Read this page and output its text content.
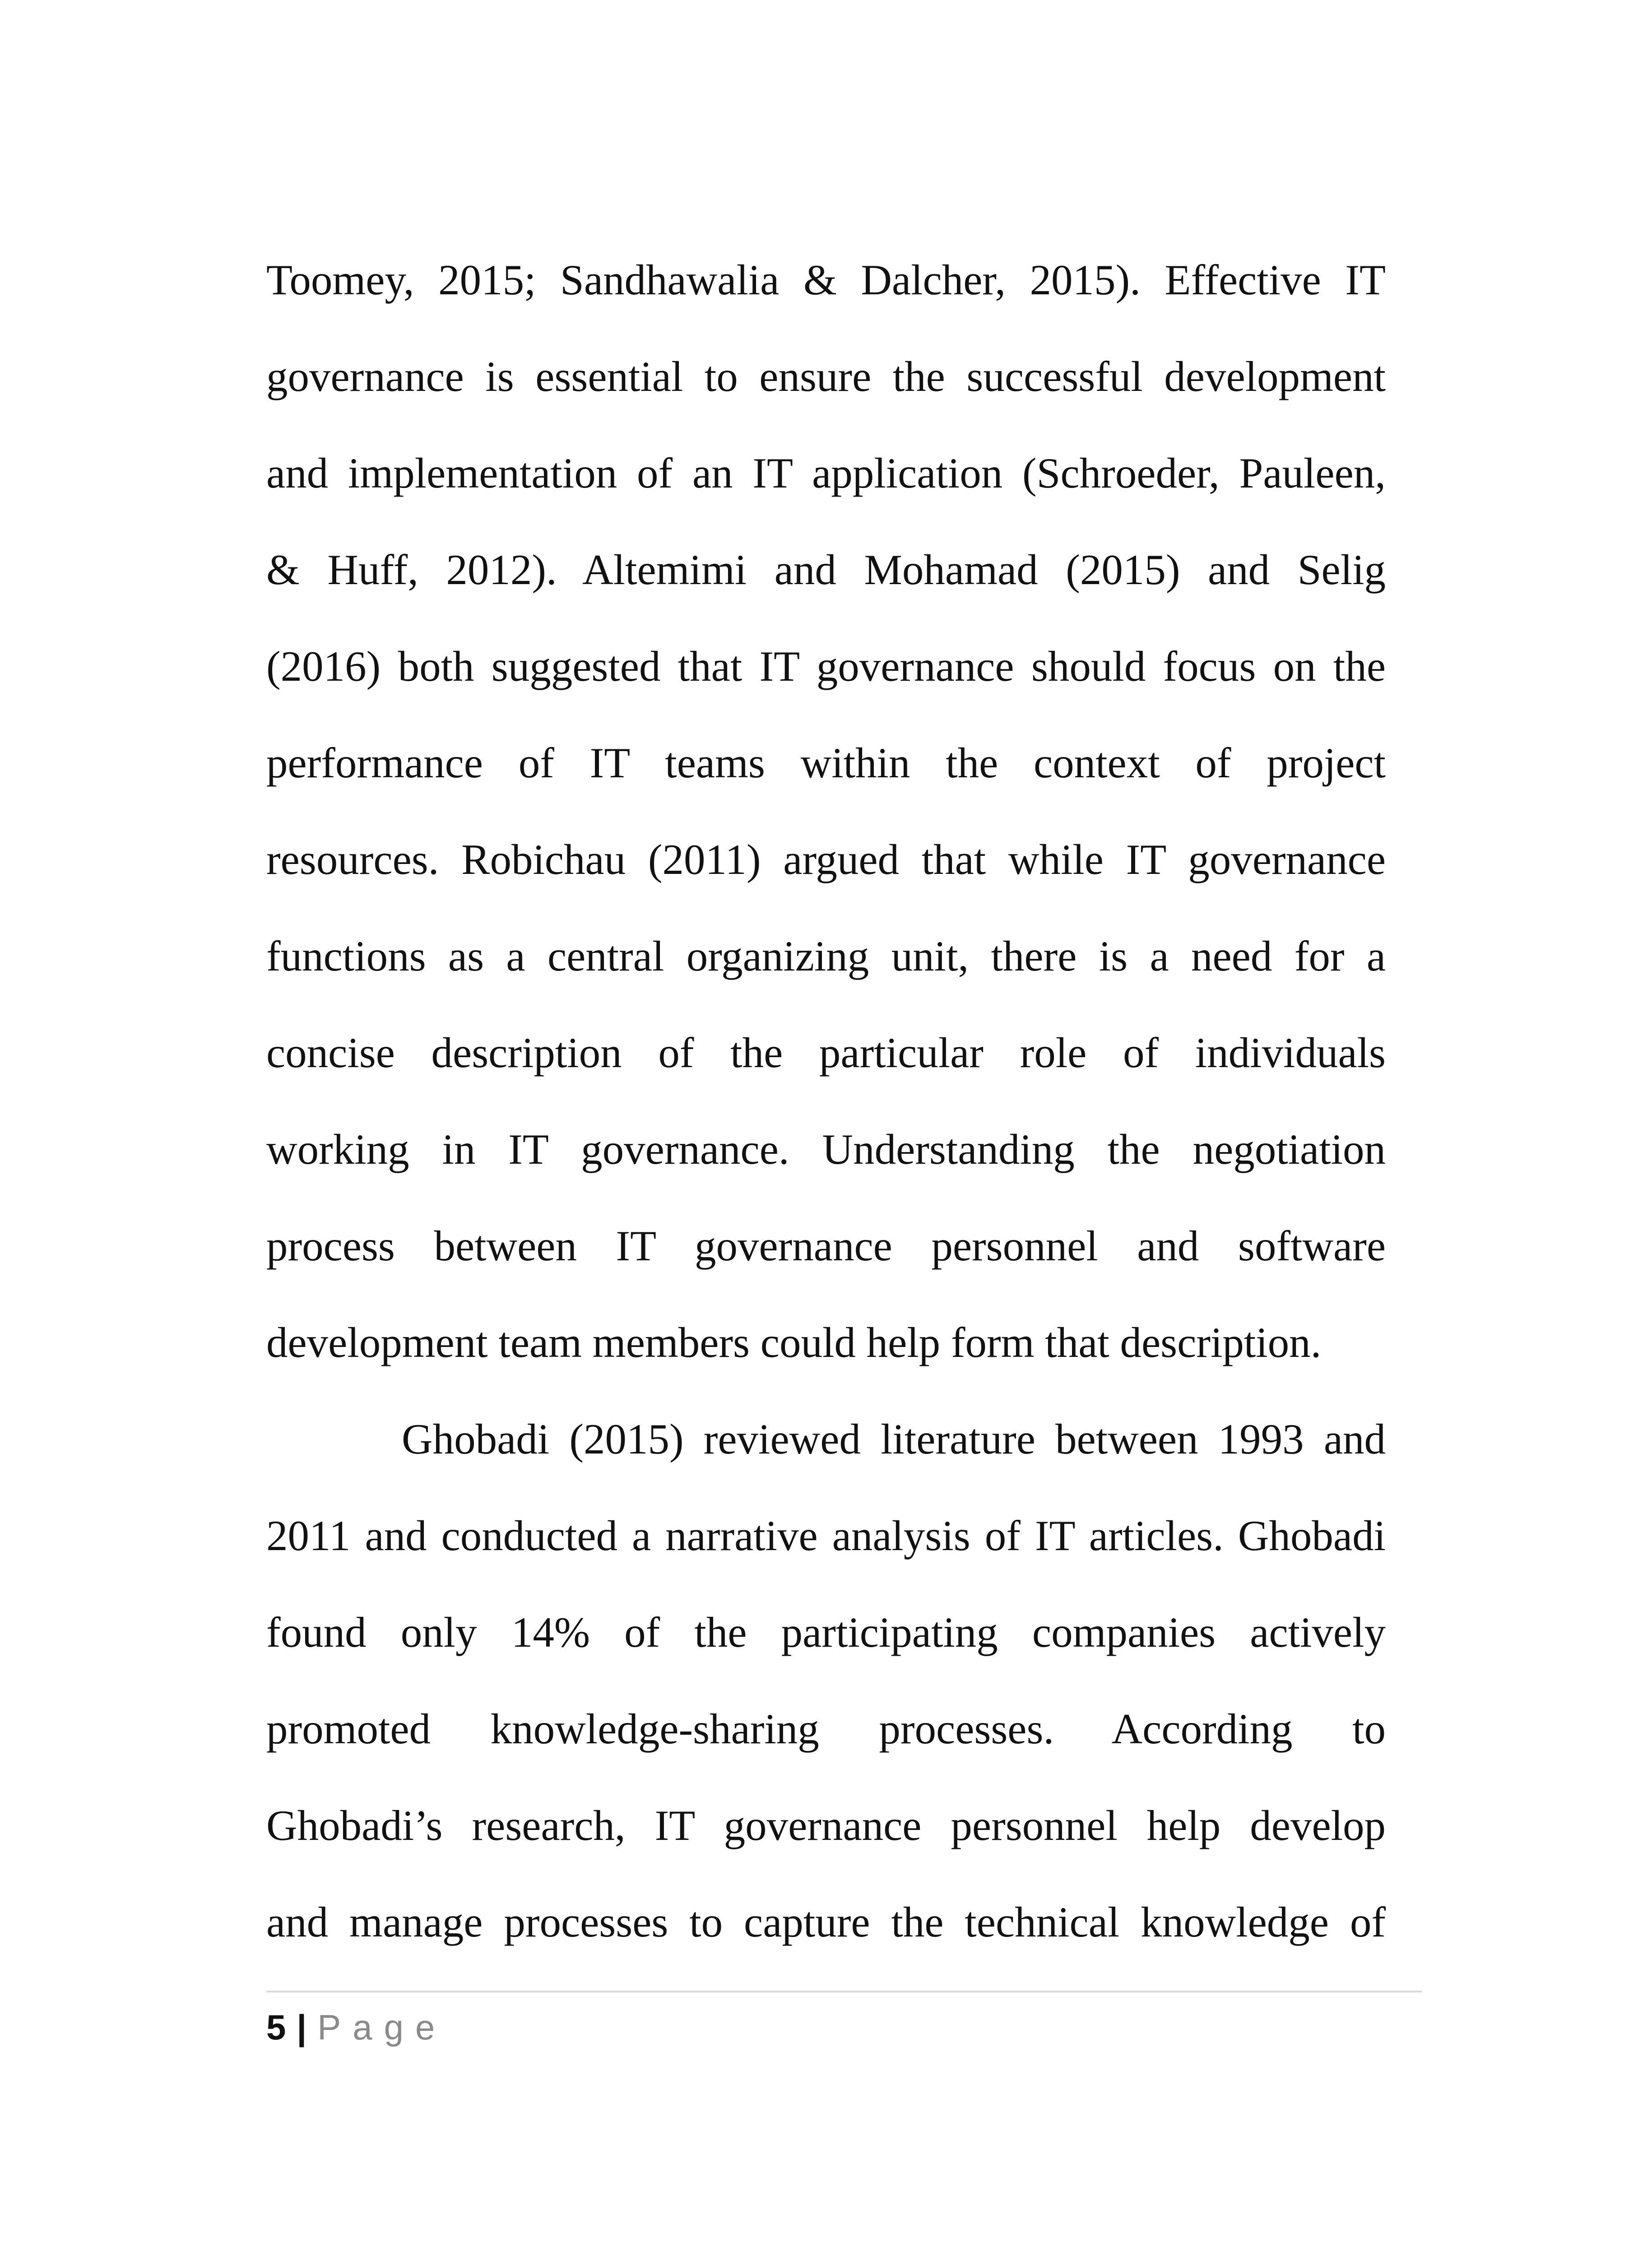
Toomey, 2015; Sandhawalia & Dalcher, 2015). Effective IT
governance is essential to ensure the successful development
and implementation of an IT application (Schroeder, Pauleen,
& Huff, 2012). Altemimi and Mohamad (2015) and Selig
(2016) both suggested that IT governance should focus on the
performance of IT teams within the context of project
resources. Robichau (2011) argued that while IT governance
functions as a central organizing unit, there is a need for a
concise description of the particular role of individuals
working in IT governance. Understanding the negotiation
process between IT governance personnel and software
development team members could help form that description.
Ghobadi (2015) reviewed literature between 1993 and
2011 and conducted a narrative analysis of IT articles. Ghobadi
found only 14% of the participating companies actively
promoted knowledge-sharing processes. According to
Ghobadi’s research, IT governance personnel help develop
and manage processes to capture the technical knowledge of
5 | Page
